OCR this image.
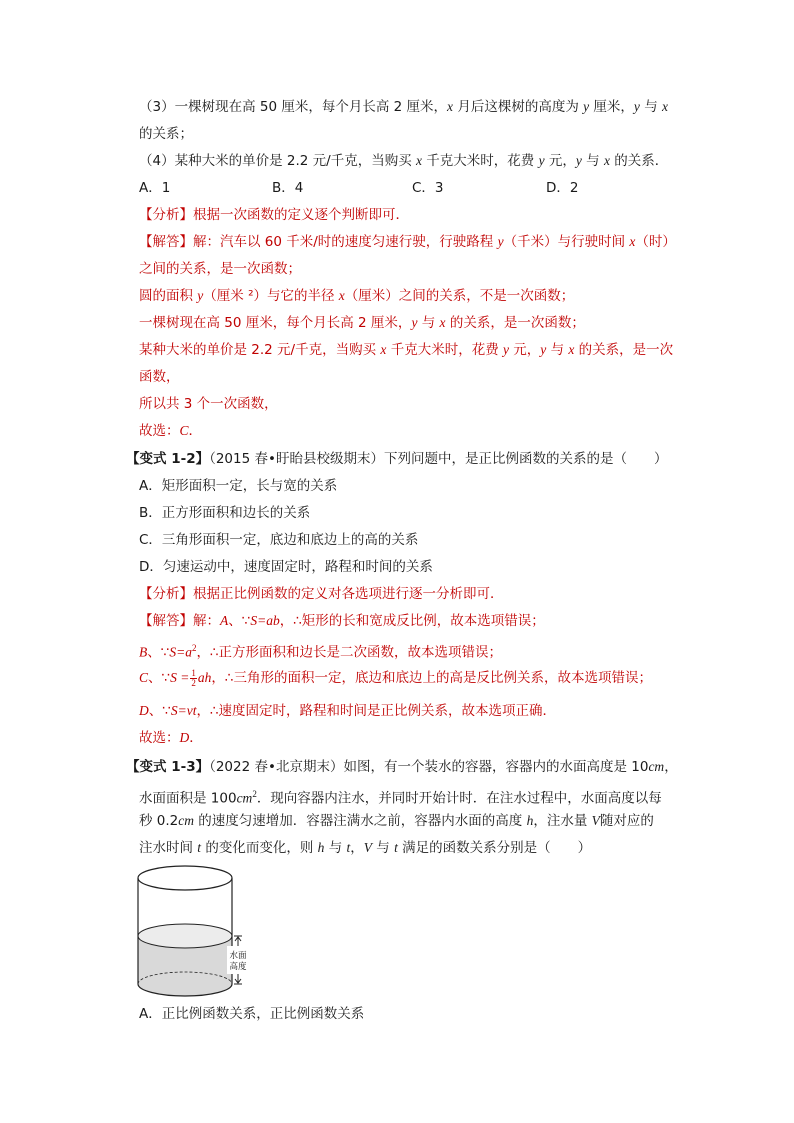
（3）一棵树现在高 50 厘米，每个月长高 2 厘米，x 月后这棵树的高度为 y 厘米，y 与 x
的关系；
（4）某种大米的单价是 2.2 元/千克，当购买 x 千克大米时，花费 y 元，y 与 x 的关系．
A．1	B．4	C．3	D．2
【分析】根据一次函数的定义逐个判断即可．
【解答】解：汽车以 60 千米/时的速度匀速行驶，行驶路程 y（千米）与行驶时间 x（时）
之间的关系，是一次函数；
圆的面积 y（厘米 ²）与它的半径 x（厘米）之间的关系，不是一次函数；
一棵树现在高 50 厘米，每个月长高 2 厘米，y 与 x 的关系，是一次函数；
某种大米的单价是 2.2 元/千克，当购买 x 千克大米时，花费 y 元，y 与 x 的关系，是一次
函数，
所以共 3 个一次函数，
故选：C．
【变式 1-2】（2015 春•盱眙县校级期末）下列问题中，是正比例函数的关系的是（　　）
A．矩形面积一定，长与宽的关系
B．正方形面积和边长的关系
C．三角形面积一定，底边和底边上的高的关系
D．匀速运动中，速度固定时，路程和时间的关系
【分析】根据正比例函数的定义对各选项进行逐一分析即可．
【解答】解：A、∵S=ab，∴矩形的长和宽成反比例，故本选项错误；
B、$\because S=a^2$，∴正方形面积和边长是二次函数，故本选项错误；
C、∵S = $\frac{1}{2}$ ah，∴三角形的面积一定，底边和底边上的高是反比例关系，故本选项错误；
D、∵S=vt，∴速度固定时，路程和时间是正比例关系，故本选项正确．
故选：D．
【变式 1-3】（2022 春•北京期末）如图，有一个装水的容器，容器内的水面高度是 10cm，
水面面积是 $100cm^2$．现向容器内注水，并同时开始计时．在注水过程中，水面高度以每
秒 0.2cm 的速度匀速增加．容器注满水之前，容器内水面的高度 h，注水量 V随对应的
注水时间 t 的变化而变化，则 h 与 t，V 与 t 满足的函数关系分别是（　　）
水面高度
A．正比例函数关系，正比例函数关系
